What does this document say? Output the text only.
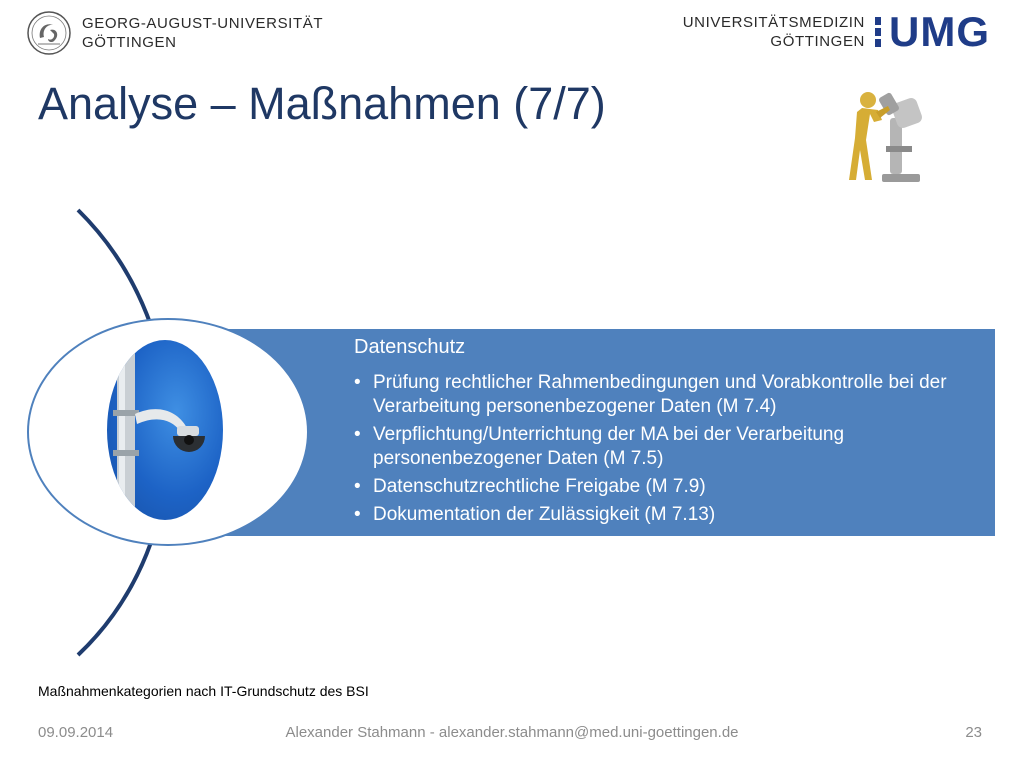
GEORG-AUGUST-UNIVERSITÄT
GÖTTINGEN
UNIVERSITÄTSMEDIZIN
GÖTTINGEN UMG
Analyse – Maßnahmen (7/7)
Datenschutz
• Prüfung rechtlicher Rahmenbedingungen und Vorabkontrolle bei der Verarbeitung personenbezogener Daten (M 7.4)
• Verpflichtung/Unterrichtung der MA bei der Verarbeitung personenbezogener Daten (M 7.5)
• Datenschutzrechtliche Freigabe (M 7.9)
• Dokumentation der Zulässigkeit (M 7.13)
Maßnahmenkategorien nach IT-Grundschutz des BSI
09.09.2014	Alexander Stahmann - alexander.stahmann@med.uni-goettingen.de	23
